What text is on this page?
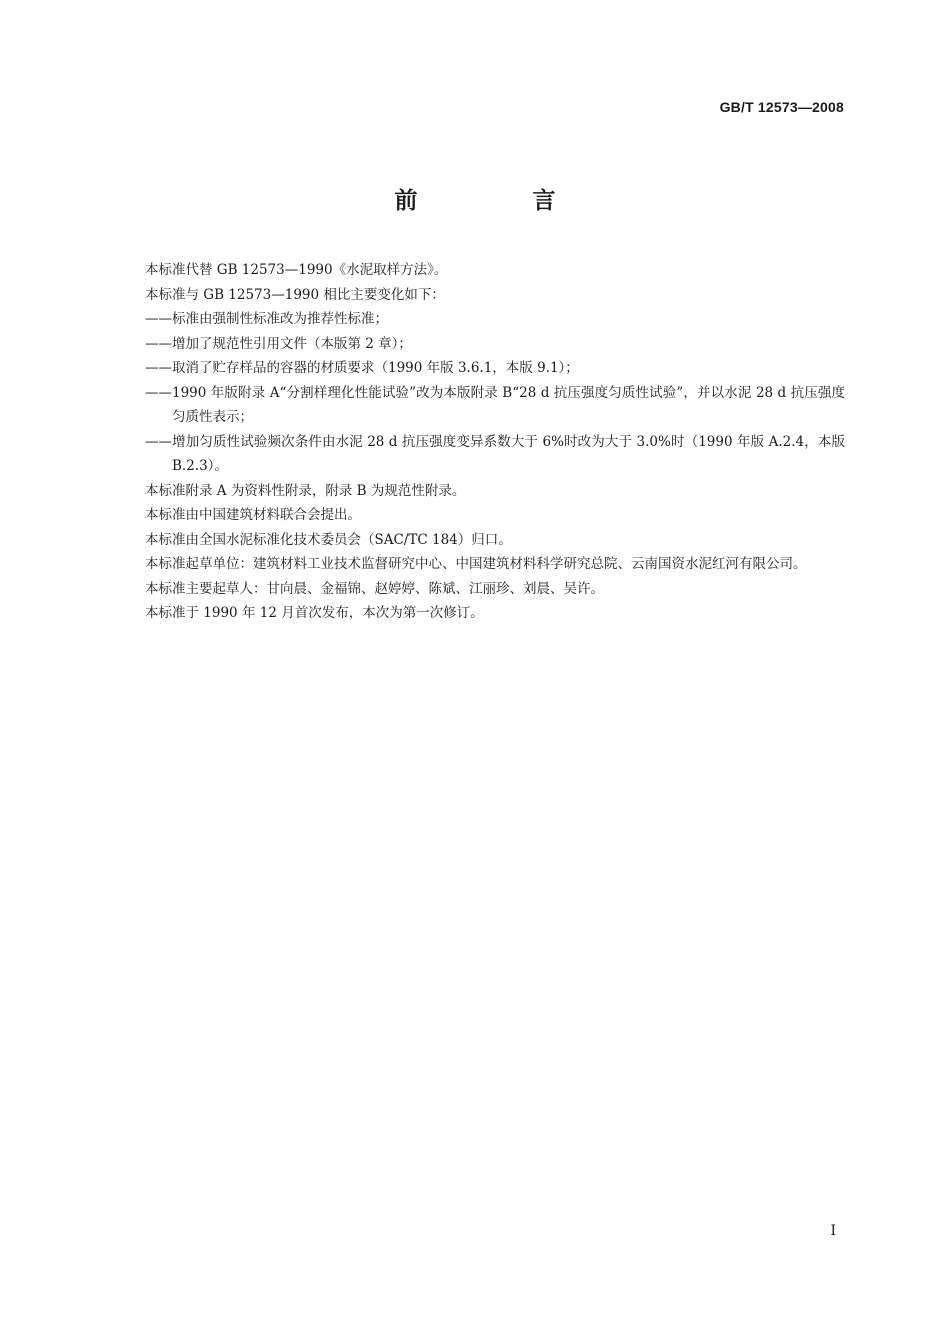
GB/T 12573—2008
前　言

本标准代替 GB 12573—1990《水泥取样方法》。

本标准与 GB 12573—1990 相比主要变化如下：

——标准由强制性标准改为推荐性标准；

——增加了规范性引用文件（本版第 2 章）；

——取消了贮存样品的容器的材质要求（1990 年版 3.6.1，本版 9.1）；

——1990 年版附录 A“分割样理化性能试验”改为本版附录 B“28 d 抗压强度匀质性试验”，并以水泥 28 d 抗压强度匀质性表示；

——增加匀质性试验频次条件由水泥 28 d 抗压强度变异系数大于 6%时改为大于 3.0%时（1990 年版 A.2.4，本版 B.2.3）。

本标准附录 A 为资料性附录，附录 B 为规范性附录。

本标准由中国建筑材料联合会提出。

本标准由全国水泥标准化技术委员会（SAC/TC 184）归口。

本标准起草单位：建筑材料工业技术监督研究中心、中国建筑材料科学研究总院、云南国资水泥红河有限公司。

本标准主要起草人：甘向晨、金福锦、赵婷婷、陈斌、江丽珍、刘晨、吴许。

本标准于 1990 年 12 月首次发布，本次为第一次修订。

Ⅰ
